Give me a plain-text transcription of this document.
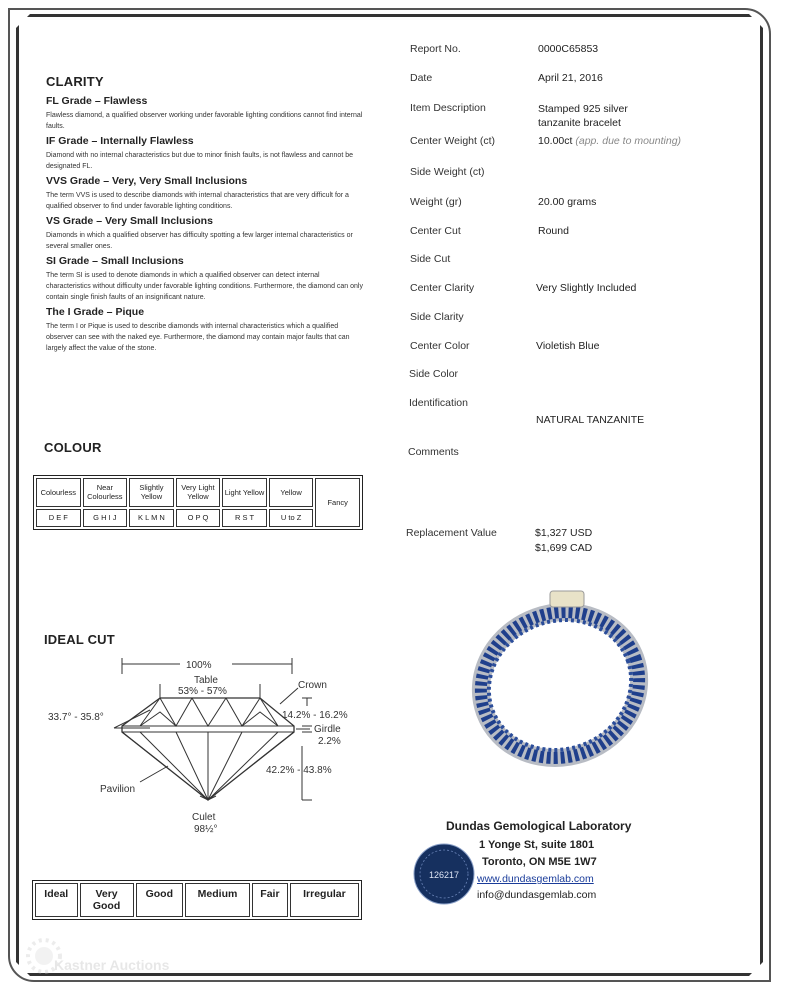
CLARITY
FL Grade – Flawless
Flawless diamond, a qualified observer working under favorable lighting conditions cannot find internal faults.
IF Grade – Internally Flawless
Diamond with no internal characteristics but due to minor finish faults, is not flawless and cannot be designated FL.
VVS Grade – Very, Very Small Inclusions
The term VVS is used to describe diamonds with internal characteristics that are very difficult for a qualified observer to find under favorable lighting conditions.
VS Grade – Very Small Inclusions
Diamonds in which a qualified observer has difficulty spotting a few larger internal characteristics or several smaller ones.
SI Grade – Small Inclusions
The term SI is used to denote diamonds in which a qualified observer can detect internal characteristics without difficulty under favorable lighting conditions. Furthermore, the diamond can only contain single finish faults of an insignificant nature.
The I Grade – Pique
The term I or Pique is used to describe diamonds with internal characteristics which a qualified observer can see with the naked eye. Furthermore, the diamond may contain major faults that can largely affect the value of the stone.
COLOUR
Colourless	Near Colourless	Slightly Yellow	Very Light Yellow	Light Yellow	Yellow	Fancy
D E F	G H I J	K L M N	O P Q	R S T	U to Z	
IDEAL CUT
100%
Table
53% - 57%
Crown
33.7° - 35.8°	14.2% - 16.2%
Girdle
2.2%
42.2% - 43.8%
Pavilion
Culet
98½°
Ideal	Very Good	Good	Medium	Fair	Irregular
Report No.	0000C65853
Date	April 21, 2016
Item Description	Stamped 925 silver tanzanite bracelet
Center Weight (ct)	10.00ct (app. due to mounting)
Side Weight (ct)
Weight (gr)	20.00 grams
Center Cut	Round
Side Cut
Center Clarity	Very Slightly Included
Side Clarity
Center Color	Violetish Blue
Side Color
Identification
NATURAL TANZANITE
Comments
Replacement Value	$1,327 USD
$1,699 CAD
126217
Dundas Gemological Laboratory
1 Yonge St, suite 1801
Toronto, ON M5E 1W7
www.dundasgemlab.com
info@dundasgemlab.com
Kastner Auctions
